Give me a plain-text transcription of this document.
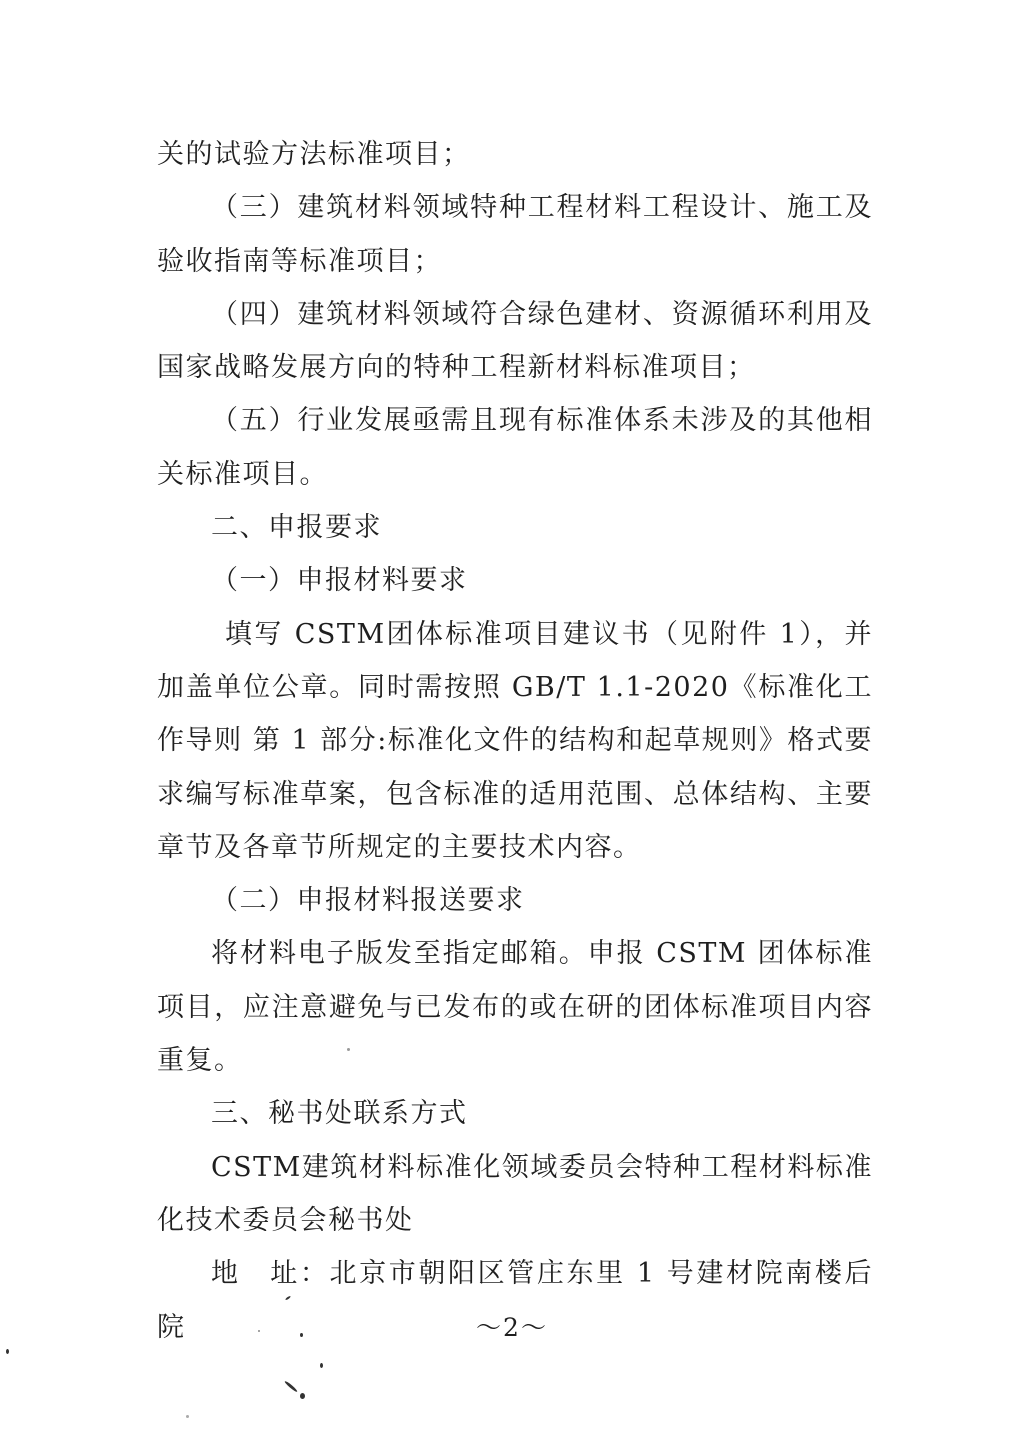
关的试验方法标准项目；

（三）建筑材料领域特种工程材料工程设计、施工及验收指南等标准项目；

（四）建筑材料领域符合绿色建材、资源循环利用及国家战略发展方向的特种工程新材料标准项目；

（五）行业发展亟需且现有标准体系未涉及的其他相关标准项目。

二、申报要求

（一）申报材料要求

填写 CSTM团体标准项目建议书（见附件 1），并加盖单位公章。同时需按照 GB/T 1.1-2020《标准化工作导则 第 1 部分:标准化文件的结构和起草规则》格式要求编写标准草案，包含标准的适用范围、总体结构、主要章节及各章节所规定的主要技术内容。

（二）申报材料报送要求

将材料电子版发至指定邮箱。申报 CSTM 团体标准项目，应注意避免与已发布的或在研的团体标准项目内容重复。

三、秘书处联系方式

CSTM建筑材料标准化领域委员会特种工程材料标准化技术委员会秘书处

地　址：北京市朝阳区管庄东里 1 号建材院南楼后院	～2～
